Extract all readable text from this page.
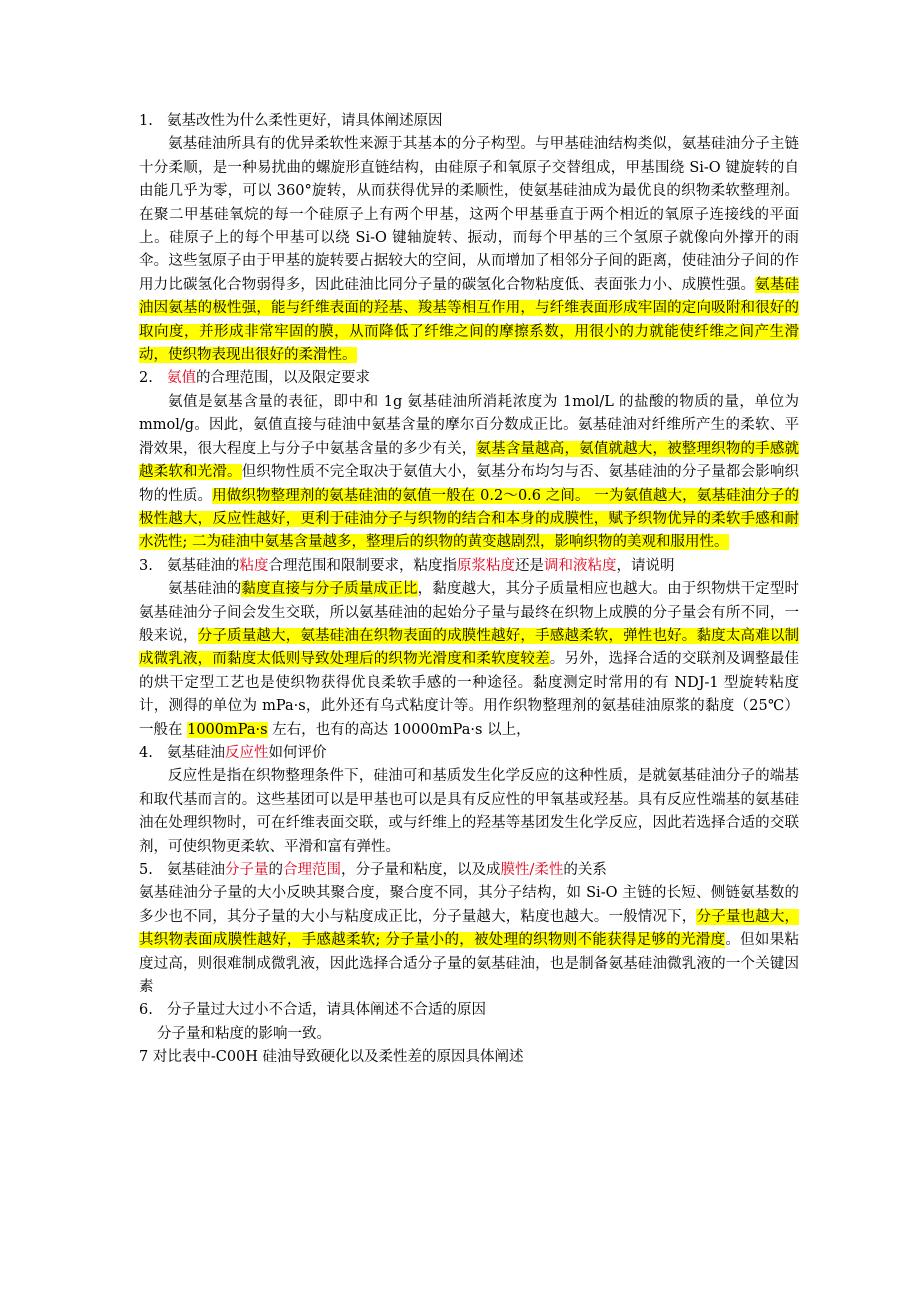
1. 氨基改性为什么柔性更好，请具体阐述原因

氨基硅油所具有的优异柔软性来源于其基本的分子构型。与甲基硅油结构类似，氨基硅油分子主链十分柔顺，是一种易扰曲的螺旋形直链结构，由硅原子和氧原子交替组成，甲基围绕 Si-O 键旋转的自由能几乎为零，可以 360°旋转，从而获得优异的柔顺性，使氨基硅油成为最优良的织物柔软整理剂。在聚二甲基硅氧烷的每一个硅原子上有两个甲基，这两个甲基垂直于两个相近的氧原子连接线的平面上。硅原子上的每个甲基可以绕 Si-O 键轴旋转、振动，而每个甲基的三个氢原子就像向外撑开的雨伞。这些氢原子由于甲基的旋转要占据较大的空间，从而增加了相邻分子间的距离，使硅油分子间的作用力比碳氢化合物弱得多，因此硅油比同分子量的碳氢化合物粘度低、表面张力小、成膜性强。氨基硅油因氨基的极性强，能与纤维表面的羟基、羧基等相互作用，与纤维表面形成牢固的定向吸附和很好的取向度，并形成非常牢固的膜，从而降低了纤维之间的摩擦系数，用很小的力就能使纤维之间产生滑动，使织物表现出很好的柔滑性。

2. 氨值的合理范围，以及限定要求

氨值是氨基含量的表征，即中和 1g 氨基硅油所消耗浓度为 1mol/L 的盐酸的物质的量，单位为 mmol/g。因此，氨值直接与硅油中氨基含量的摩尔百分数成正比。氨基硅油对纤维所产生的柔软、平滑效果，很大程度上与分子中氨基含量的多少有关，氨基含量越高，氨值就越大，被整理织物的手感就越柔软和光滑。但织物性质不完全取决于氨值大小，氨基分布均匀与否、氨基硅油的分子量都会影响织物的性质。用做织物整理剂的氨基硅油的氨值一般在 0.2～0.6 之间。 一为氨值越大，氨基硅油分子的极性越大，反应性越好，更利于硅油分子与织物的结合和本身的成膜性，赋予织物优异的柔软手感和耐水洗性; 二为硅油中氨基含量越多，整理后的织物的黄变越剧烈，影响织物的美观和服用性。

3. 氨基硅油的粘度合理范围和限制要求，粘度指原浆粘度还是调和液粘度，请说明

氨基硅油的黏度直接与分子质量成正比，黏度越大，其分子质量相应也越大。由于织物烘干定型时氨基硅油分子间会发生交联，所以氨基硅油的起始分子量与最终在织物上成膜的分子量会有所不同，一般来说，分子质量越大，氨基硅油在织物表面的成膜性越好，手感越柔软，弹性也好。黏度太高难以制成微乳液，而黏度太低则导致处理后的织物光滑度和柔软度较差。另外，选择合适的交联剂及调整最佳的烘干定型工艺也是使织物获得优良柔软手感的一种途径。黏度测定时常用的有 NDJ-1 型旋转粘度计，测得的单位为 mPa·s，此外还有乌式粘度计等。用作织物整理剂的氨基硅油原浆的黏度（25℃）一般在 1000mPa·s 左右，也有的高达 10000mPa·s 以上，

4. 氨基硅油反应性如何评价

反应性是指在织物整理条件下，硅油可和基质发生化学反应的这种性质，是就氨基硅油分子的端基和取代基而言的。这些基团可以是甲基也可以是具有反应性的甲氧基或羟基。具有反应性端基的氨基硅油在处理织物时，可在纤维表面交联，或与纤维上的羟基等基团发生化学反应，因此若选择合适的交联剂，可使织物更柔软、平滑和富有弹性。

5. 氨基硅油分子量的合理范围，分子量和粘度，以及成膜性/柔性的关系

氨基硅油分子量的大小反映其聚合度，聚合度不同，其分子结构，如 Si-O 主链的长短、侧链氨基数的多少也不同，其分子量的大小与粘度成正比，分子量越大，粘度也越大。一般情况下，分子量也越大，其织物表面成膜性越好，手感越柔软; 分子量小的，被处理的织物则不能获得足够的光滑度。但如果粘度过高，则很难制成微乳液，因此选择合适分子量的氨基硅油，也是制备氨基硅油微乳液的一个关键因素

6. 分子量过大过小不合适，请具体阐述不合适的原因

分子量和粘度的影响一致。

7 对比表中-C00H 硅油导致硬化以及柔性差的原因具体阐述
